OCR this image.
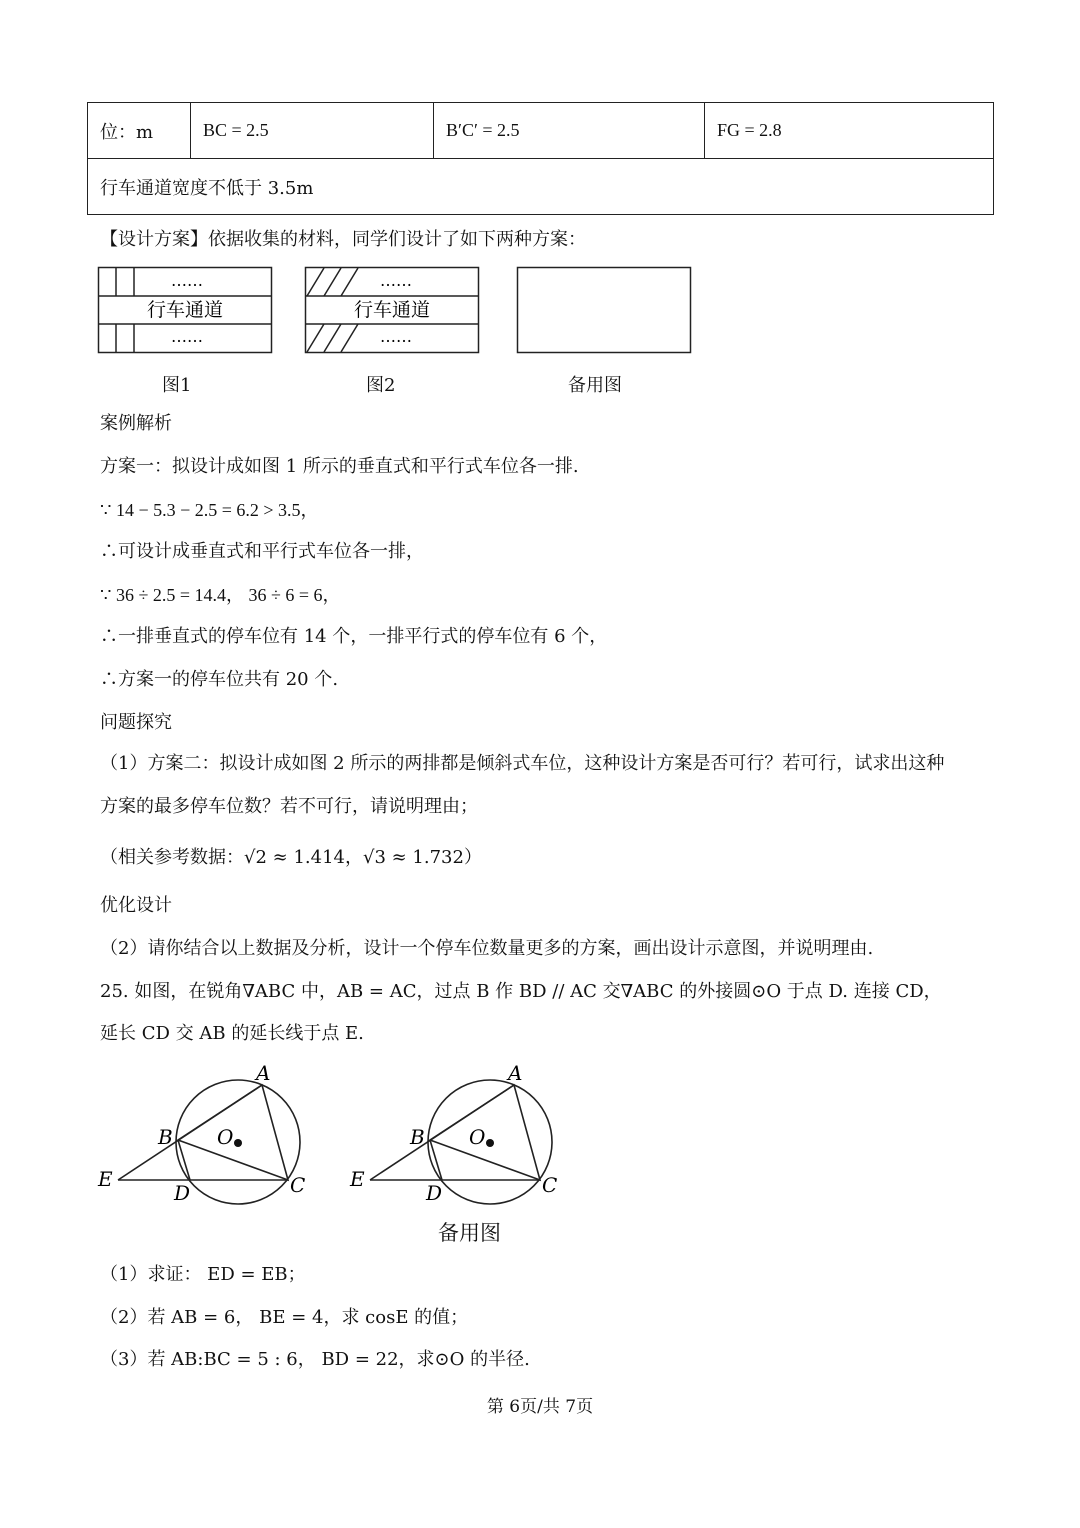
位：m	BC = 2.5	B′C′ = 2.5	FG = 2.8
行车通道宽度不低于 3.5m
【设计方案】依据收集的材料，同学们设计了如下两种方案：
……
行车通道
……
……
行车通道
……
图1	图2	备用图
案例解析
方案一：拟设计成如图 1 所示的垂直式和平行式车位各一排.
∵ 14 − 5.3 − 2.5 = 6.2 > 3.5，
∴可设计成垂直式和平行式车位各一排，
∵ 36 ÷ 2.5 = 14.4， 36 ÷ 6 = 6，
∴一排垂直式的停车位有 14 个，一排平行式的停车位有 6 个，
∴方案一的停车位共有 20 个.
问题探究
（1）方案二：拟设计成如图 2 所示的两排都是倾斜式车位，这种设计方案是否可行？若可行，试求出这种
方案的最多停车位数？若不可行，请说明理由；
（相关参考数据：√2 ≈ 1.414，√3 ≈ 1.732）
优化设计
（2）请你结合以上数据及分析，设计一个停车位数量更多的方案，画出设计示意图，并说明理由.
25. 如图，在锐角∇ABC 中，AB = AC，过点 B 作 BD // AC 交∇ABC 的外接圆⊙O 于点 D. 连接 CD，
延长 CD 交 AB 的延长线于点 E.
A
B O
C
D
E
A
B O
C
D
E
备用图
（1）求证： ED = EB；
（2）若 AB = 6， BE = 4，求 cosE 的值；
（3）若 AB:BC = 5 : 6， BD = 22，求⊙O 的半径.
第 6页/共 7页
